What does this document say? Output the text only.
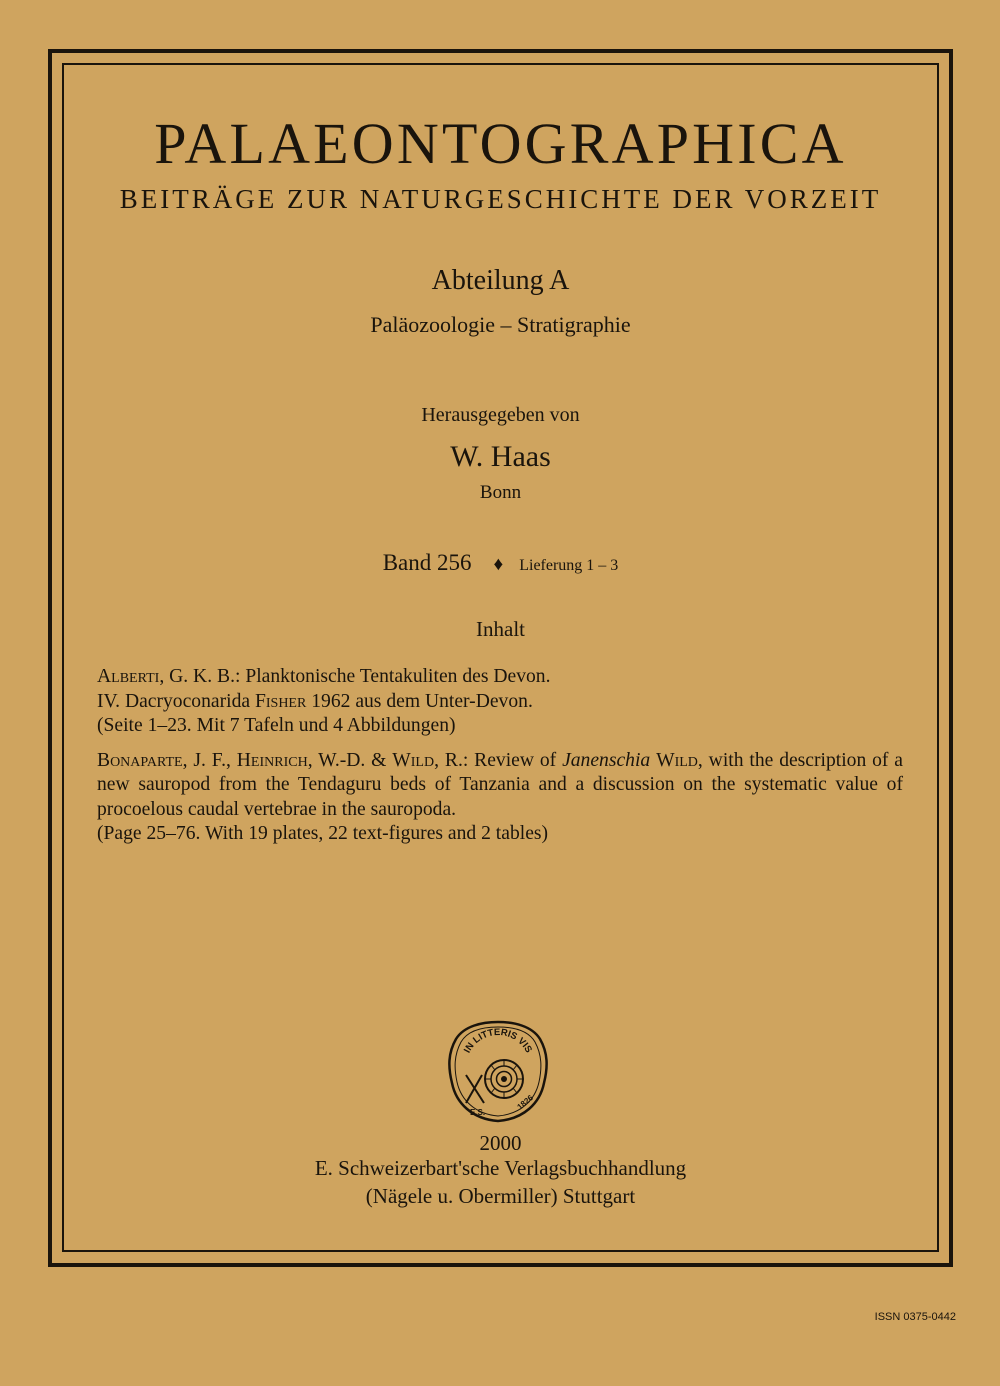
PALAEONTOGRAPHICA
BEITRÄGE ZUR NATURGESCHICHTE DER VORZEIT
Abteilung A
Paläozoologie – Stratigraphie
Herausgegeben von
W. Haas
Bonn
Band 256 ♦ Lieferung 1 – 3
Inhalt

Alberti, G. K. B.: Planktonische Tentakuliten des Devon.
IV. Dacryoconarida Fisher 1962 aus dem Unter-Devon.
(Seite 1–23. Mit 7 Tafeln und 4 Abbildungen)

Bonaparte, J. F., Heinrich, W.-D. & Wild, R.: Review of Janenschia Wild, with the description of a new sauropod from the Tendaguru beds of Tanzania and a discussion on the systematic value of procoelous caudal vertebrae in the sauropoda.
(Page 25–76. With 19 plates, 22 text-figures and 2 tables)

IN LITTERIS VIS
E.S.
1826
2000
E. Schweizerbart'sche Verlagsbuchhandlung
(Nägele u. Obermiller) Stuttgart
ISSN 0375-0442
